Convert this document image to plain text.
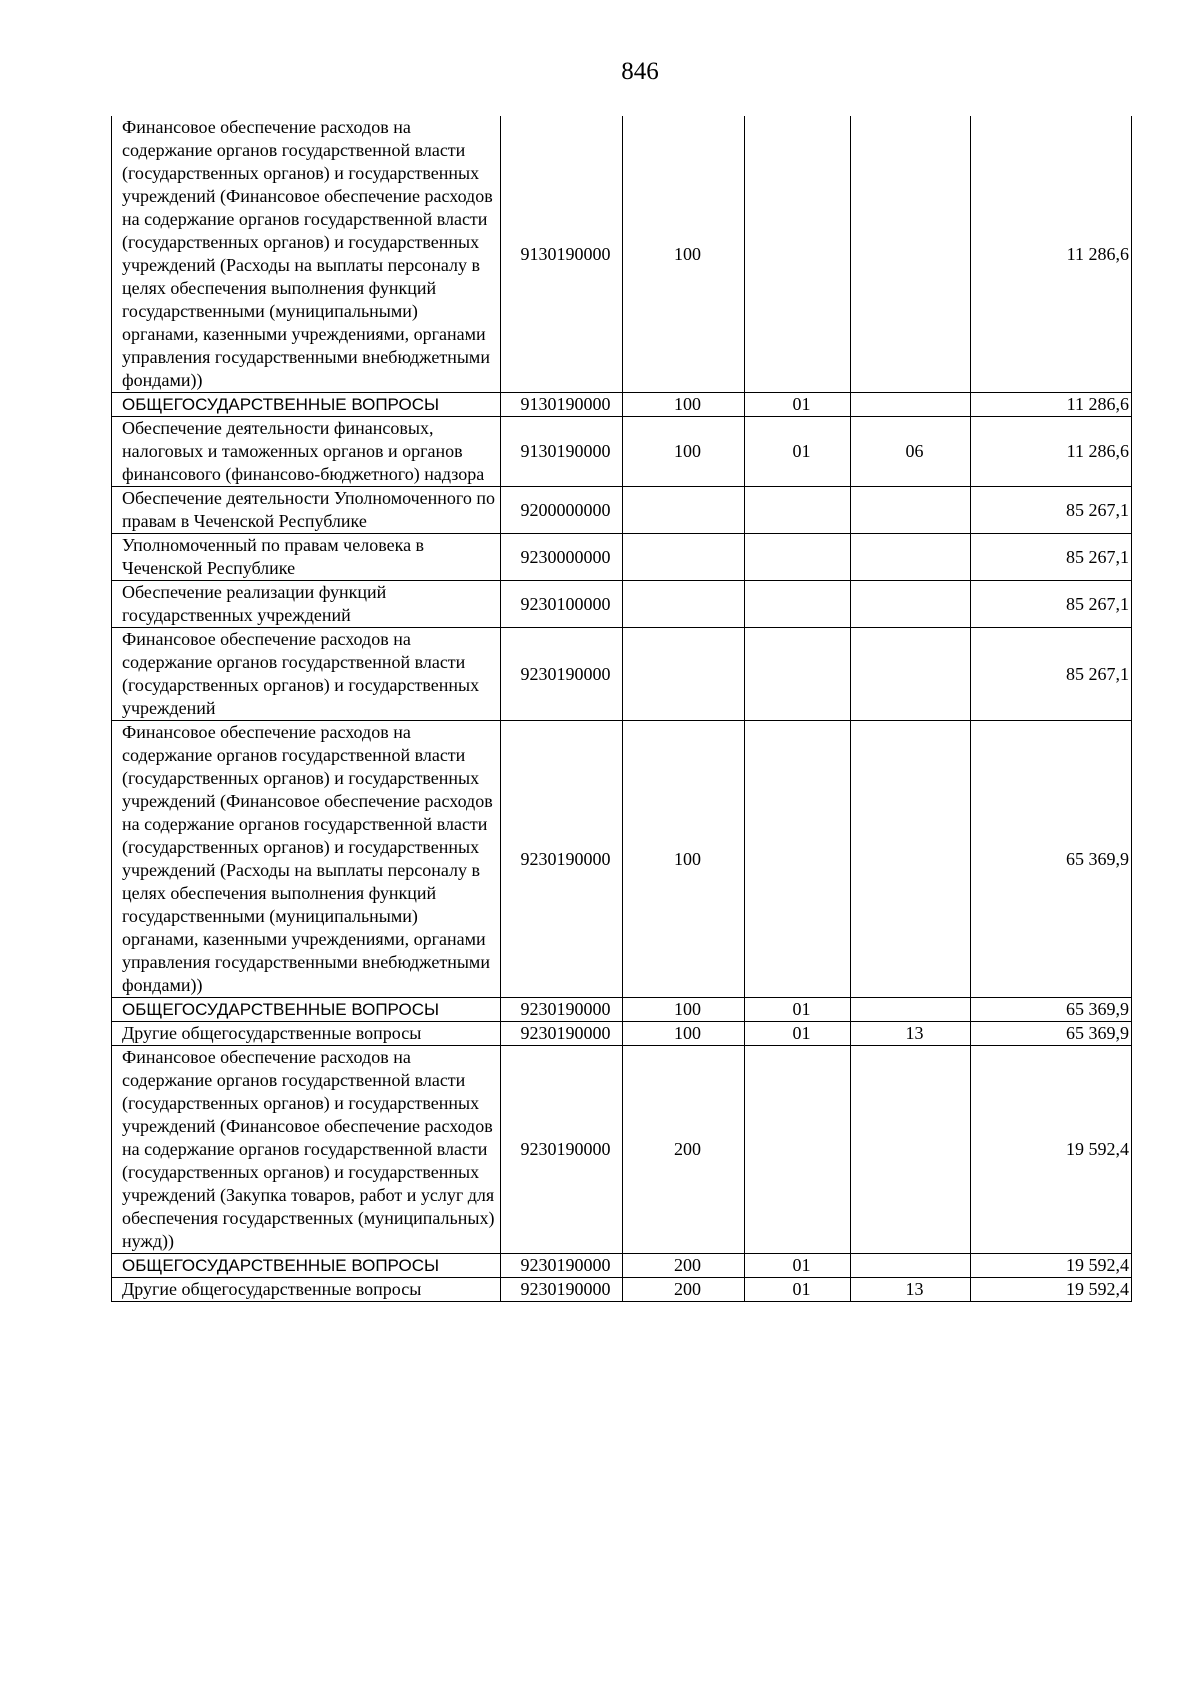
846
Финансовое обеспечение расходов на содержание органов государственной власти (государственных органов) и государственных учреждений (Финансовое обеспечение расходов на содержание органов государственной власти (государственных органов) и государственных учреждений (Расходы на выплаты персоналу в целях обеспечения выполнения функций государственными (муниципальными) органами, казенными учреждениями, органами управления государственными внебюджетными фондами))	9130190000	100			11 286,6
ОБЩЕГОСУДАРСТВЕННЫЕ ВОПРОСЫ	9130190000	100	01		11 286,6
Обеспечение деятельности финансовых, налоговых и таможенных органов и органов финансового (финансово-бюджетного) надзора	9130190000	100	01	06	11 286,6
Обеспечение деятельности Уполномоченного по правам в Чеченской Республике	9200000000				85 267,1
Уполномоченный по правам человека в Чеченской Республике	9230000000				85 267,1
Обеспечение реализации функций государственных учреждений	9230100000				85 267,1
Финансовое обеспечение расходов на содержание органов государственной власти (государственных органов) и государственных учреждений	9230190000				85 267,1
Финансовое обеспечение расходов на содержание органов государственной власти (государственных органов) и государственных учреждений (Финансовое обеспечение расходов на содержание органов государственной власти (государственных органов) и государственных учреждений (Расходы на выплаты персоналу в целях обеспечения выполнения функций государственными (муниципальными) органами, казенными учреждениями, органами управления государственными внебюджетными фондами))	9230190000	100			65 369,9
ОБЩЕГОСУДАРСТВЕННЫЕ ВОПРОСЫ	9230190000	100	01		65 369,9
Другие общегосударственные вопросы	9230190000	100	01	13	65 369,9
Финансовое обеспечение расходов на содержание органов государственной власти (государственных органов) и государственных учреждений (Финансовое обеспечение расходов на содержание органов государственной власти (государственных органов) и государственных учреждений (Закупка товаров, работ и услуг для обеспечения государственных (муниципальных) нужд))	9230190000	200			19 592,4
ОБЩЕГОСУДАРСТВЕННЫЕ ВОПРОСЫ	9230190000	200	01		19 592,4
Другие общегосударственные вопросы	9230190000	200	01	13	19 592,4
